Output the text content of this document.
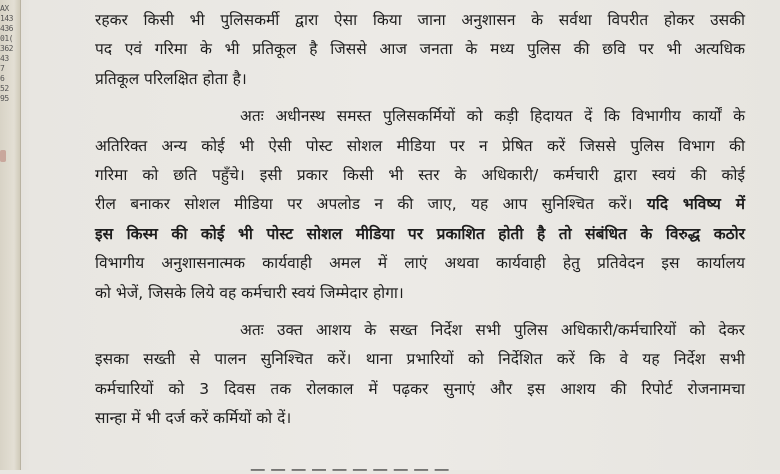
AX
143
436
01(
362
43
7
6
52
95

रहकर किसी भी पुलिसकर्मी द्वारा ऐसा किया जाना अनुशासन के सर्वथा विपरीत होकर उसकी
पद एवं गरिमा के भी प्रतिकूल है जिससे आज जनता के मध्य पुलिस की छवि पर भी अत्यधिक
प्रतिकूल परिलक्षित होता है।

अतः अधीनस्थ समस्त पुलिसकर्मियों को कड़ी हिदायत दें कि विभागीय कार्यों के
अतिरिक्त अन्य कोई भी ऐसी पोस्ट सोशल मीडिया पर न प्रेषित करें जिससे पुलिस विभाग की
गरिमा को छति पहुँचे। इसी प्रकार किसी भी स्तर के अधिकारी/ कर्मचारी द्वारा स्वयं की कोई
रील बनाकर सोशल मीडिया पर अपलोड न की जाए, यह आप सुनिश्चित करें। यदि भविष्य में
इस किस्म की कोई भी पोस्ट सोशल मीडिया पर प्रकाशित होती है तो संबंधित के विरुद्ध कठोर
विभागीय अनुशासनात्मक कार्यवाही अमल में लाएं अथवा कार्यवाही हेतु प्रतिवेदन इस कार्यालय
को भेजें, जिसके लिये वह कर्मचारी स्वयं जिम्मेदार होगा।

अतः उक्त आशय के सख्त निर्देश सभी पुलिस अधिकारी/कर्मचारियों को देकर
इसका सख्ती से पालन सुनिश्चित करें। थाना प्रभारियों को निर्देशित करें कि वे यह निर्देश सभी
कर्मचारियों को 3 दिवस तक रोलकाल में पढ़कर सुनाएं और इस आशय की रिपोर्ट रोजनामचा
सान्हा में भी दर्ज करें कर्मियों को दें।

— — — — — — — — — —
